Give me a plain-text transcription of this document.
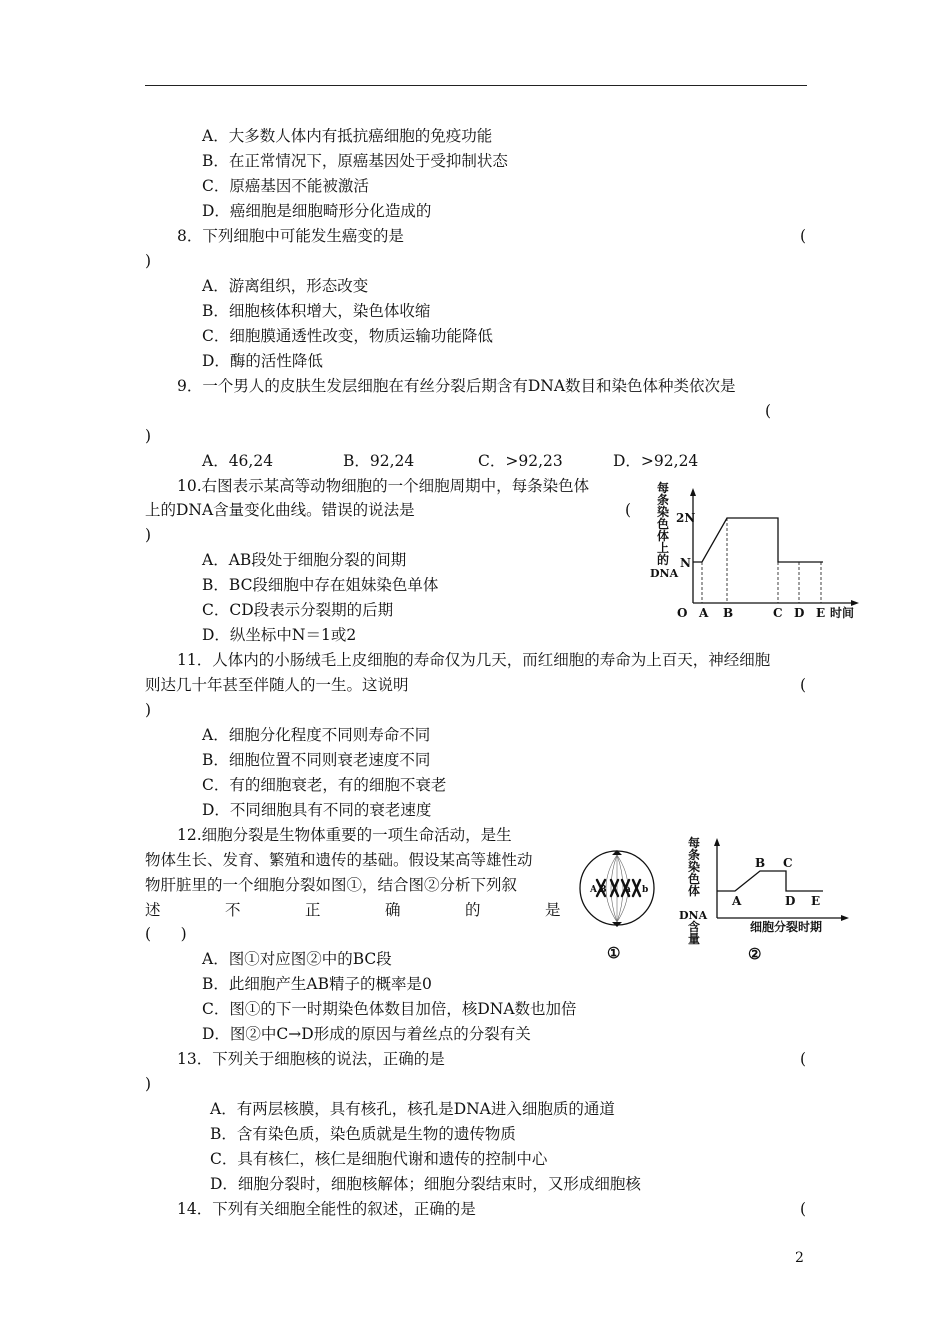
A．大多数人体内有抵抗癌细胞的免疫功能
B．在正常情况下，原癌基因处于受抑制状态
C．原癌基因不能被激活
D．癌细胞是细胞畸形分化造成的
8．下列细胞中可能发生癌变的是	(
)
A．游离组织，形态改变
B．细胞核体积增大，染色体收缩
C．细胞膜通透性改变，物质运输功能降低
D．酶的活性降低
9．一个男人的皮肤生发层细胞在有丝分裂后期含有DNA数目和染色体种类依次是
(
)
A．46,24	B．92,24	C．>92,23	D．>92,24
10.右图表示某高等动物细胞的一个细胞周期中，每条染色体
上的DNA含量变化曲线。错误的说法是	(
)
A．AB段处于细胞分裂的间期
B．BC段细胞中存在姐妹染色单体
C．CD段表示分裂期的后期
D．纵坐标中N＝1或2
每
条
染
色
体
上
的
DNA
2N
N
O A B	C D E 时间
11．人体内的小肠绒毛上皮细胞的寿命仅为几天，而红细胞的寿命为上百天，神经细胞
则达几十年甚至伴随人的一生。这说明	(
)
A．细胞分化程度不同则寿命不同
B．细胞位置不同则衰老速度不同
C．有的细胞衰老，有的细胞不衰老
D．不同细胞具有不同的衰老速度
12.细胞分裂是生物体重要的一项生命活动，是生
物体生长、发育、繁殖和遗传的基础。假设某高等雄性动
物肝脏里的一个细胞分裂如图①，结合图②分析下列叙
述	不	正	确	的	是
(      )
A．图①对应图②中的BC段
B．此细胞产生AB精子的概率是0
C．图①的下一时期染色体数目加倍，核DNA数也加倍
D．图②中C→D形成的原因与着丝点的分裂有关
A B a b
①
每
条
染
色
体
DNA
含
量
A
B C
D E
细胞分裂时期
②
13．下列关于细胞核的说法，正确的是	(
)
A．有两层核膜，具有核孔，核孔是DNA进入细胞质的通道
B．含有染色质，染色质就是生物的遗传物质
C．具有核仁，核仁是细胞代谢和遗传的控制中心
D．细胞分裂时，细胞核解体；细胞分裂结束时，又形成细胞核
14．下列有关细胞全能性的叙述，正确的是	(
2
